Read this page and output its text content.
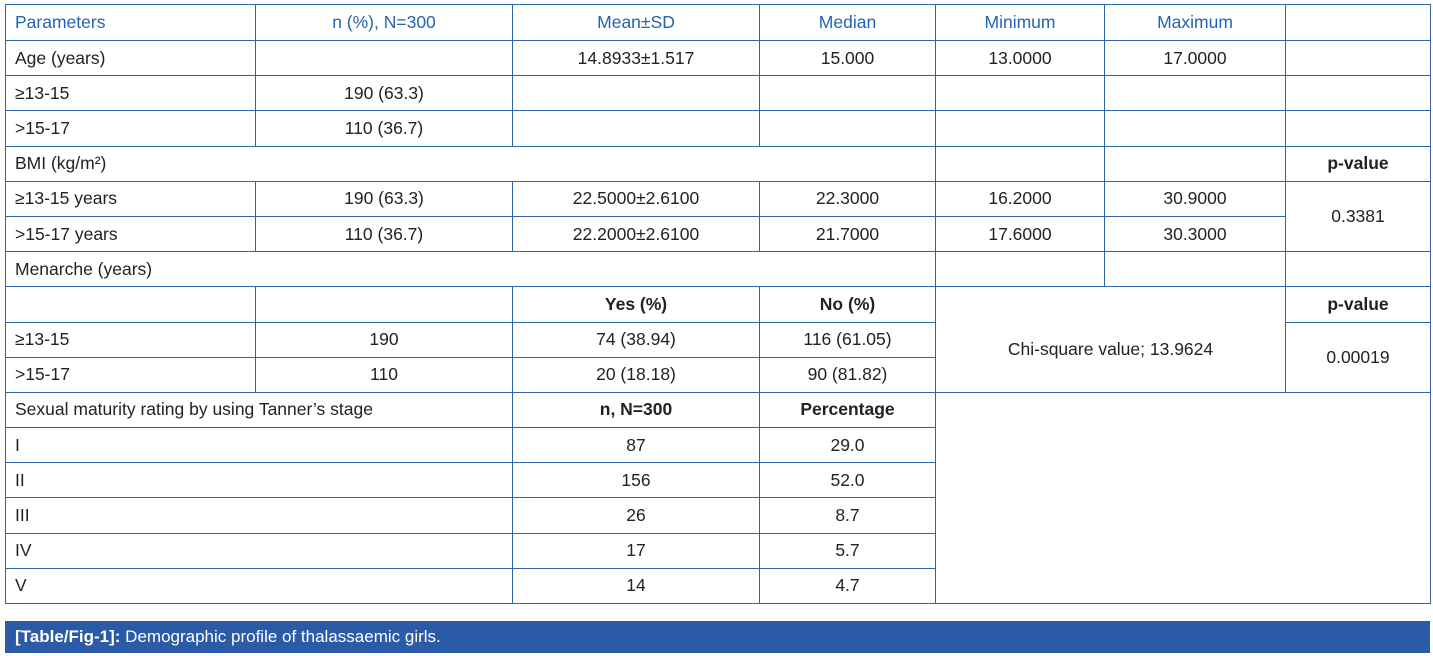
Parameters	n (%), N=300	Mean±SD	Median	Minimum	Maximum	
Age (years)		14.8933±1.517	15.000	13.0000	17.0000	
≥13-15	190 (63.3)					
>15-17	110 (36.7)					
BMI (kg/m²)						p-value
≥13-15 years	190 (63.3)	22.5000±2.6100	22.3000	16.2000	30.9000	0.3381
>15-17 years	110 (36.7)	22.2000±2.6100	21.7000	17.6000	30.3000	
Menarche (years)						
		Yes (%)	No (%)	Chi-square value; 13.9624		p-value
≥13-15	190	74 (38.94)	116 (61.05)			0.00019
>15-17	110	20 (18.18)	90 (81.82)			
Sexual maturity rating by using Tanner’s stage		n, N=300	Percentage			
I		87	29.0			
II		156	52.0			
III		26	8.7			
IV		17	5.7			
V		14	4.7			
[Table/Fig-1]: Demographic profile of thalassaemic girls.
